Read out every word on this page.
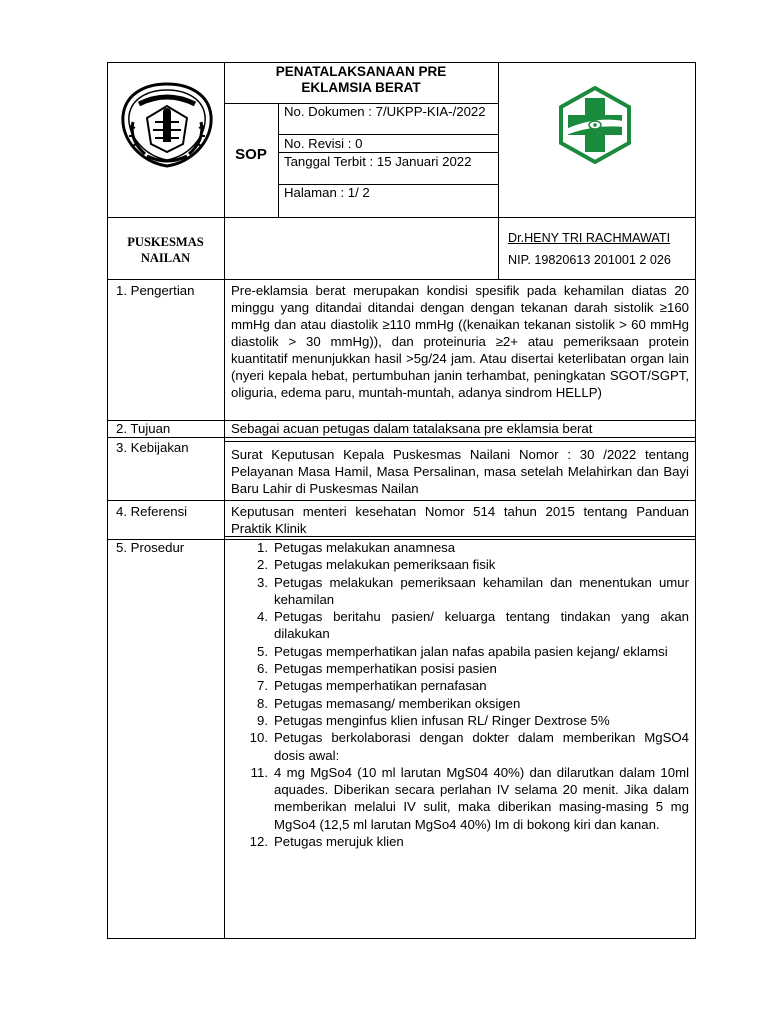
PENATALAKSANAAN PRE
EKLAMSIA BERAT
SOP
No. Dokumen : 7/UKPP-KIA-/2022
No. Revisi : 0
Tanggal Terbit : 15 Januari 2022
Halaman : 1/ 2
PUSKESMAS
NAILAN
Dr.HENY TRI RACHMAWATI
NIP. 19820613 201001 2 026
1. Pengertian	Pre-eklamsia berat merupakan kondisi spesifik pada kehamilan diatas 20 minggu yang ditandai ditandai dengan dengan tekanan darah sistolik ≥160 mmHg dan atau diastolik ≥110 mmHg ((kenaikan tekanan sistolik > 60 mmHg diastolik > 30 mmHg)), dan proteinuria ≥2+ atau pemeriksaan protein kuantitatif menunjukkan hasil >5g/24 jam. Atau disertai keterlibatan organ lain (nyeri kepala hebat, pertumbuhan janin terhambat, peningkatan SGOT/SGPT, oliguria, edema paru, muntah-muntah, adanya sindrom HELLP)
2. Tujuan	Sebagai acuan petugas dalam tatalaksana pre eklamsia berat
3. Kebijakan	Surat Keputusan Kepala Puskesmas Nailani Nomor : 30 /2022 tentang Pelayanan Masa Hamil, Masa Persalinan, masa setelah Melahirkan dan Bayi Baru Lahir di Puskesmas Nailan
4. Referensi	Keputusan menteri kesehatan Nomor 514 tahun 2015 tentang Panduan Praktik Klinik
5. Prosedur	1. Petugas melakukan anamnesa
2. Petugas melakukan pemeriksaan fisik
3. Petugas melakukan pemeriksaan kehamilan dan menentukan umur kehamilan
4. Petugas beritahu pasien/ keluarga tentang tindakan yang akan dilakukan
5. Petugas memperhatikan jalan nafas apabila pasien kejang/ eklamsi
6. Petugas memperhatikan posisi pasien
7. Petugas memperhatikan pernafasan
8. Petugas memasang/ memberikan oksigen
9. Petugas menginfus klien infusan RL/ Ringer Dextrose 5%
10. Petugas berkolaborasi dengan dokter dalam memberikan MgSO4 dosis awal:
11. 4 mg MgSo4 (10 ml larutan MgS04 40%) dan dilarutkan dalam 10ml aquades. Diberikan secara perlahan IV selama 20 menit. Jika dalam memberikan melalui IV sulit, maka diberikan masing-masing 5 mg MgSo4 (12,5 ml larutan MgSo4 40%) Im di bokong kiri dan kanan.
12. Petugas merujuk klien
